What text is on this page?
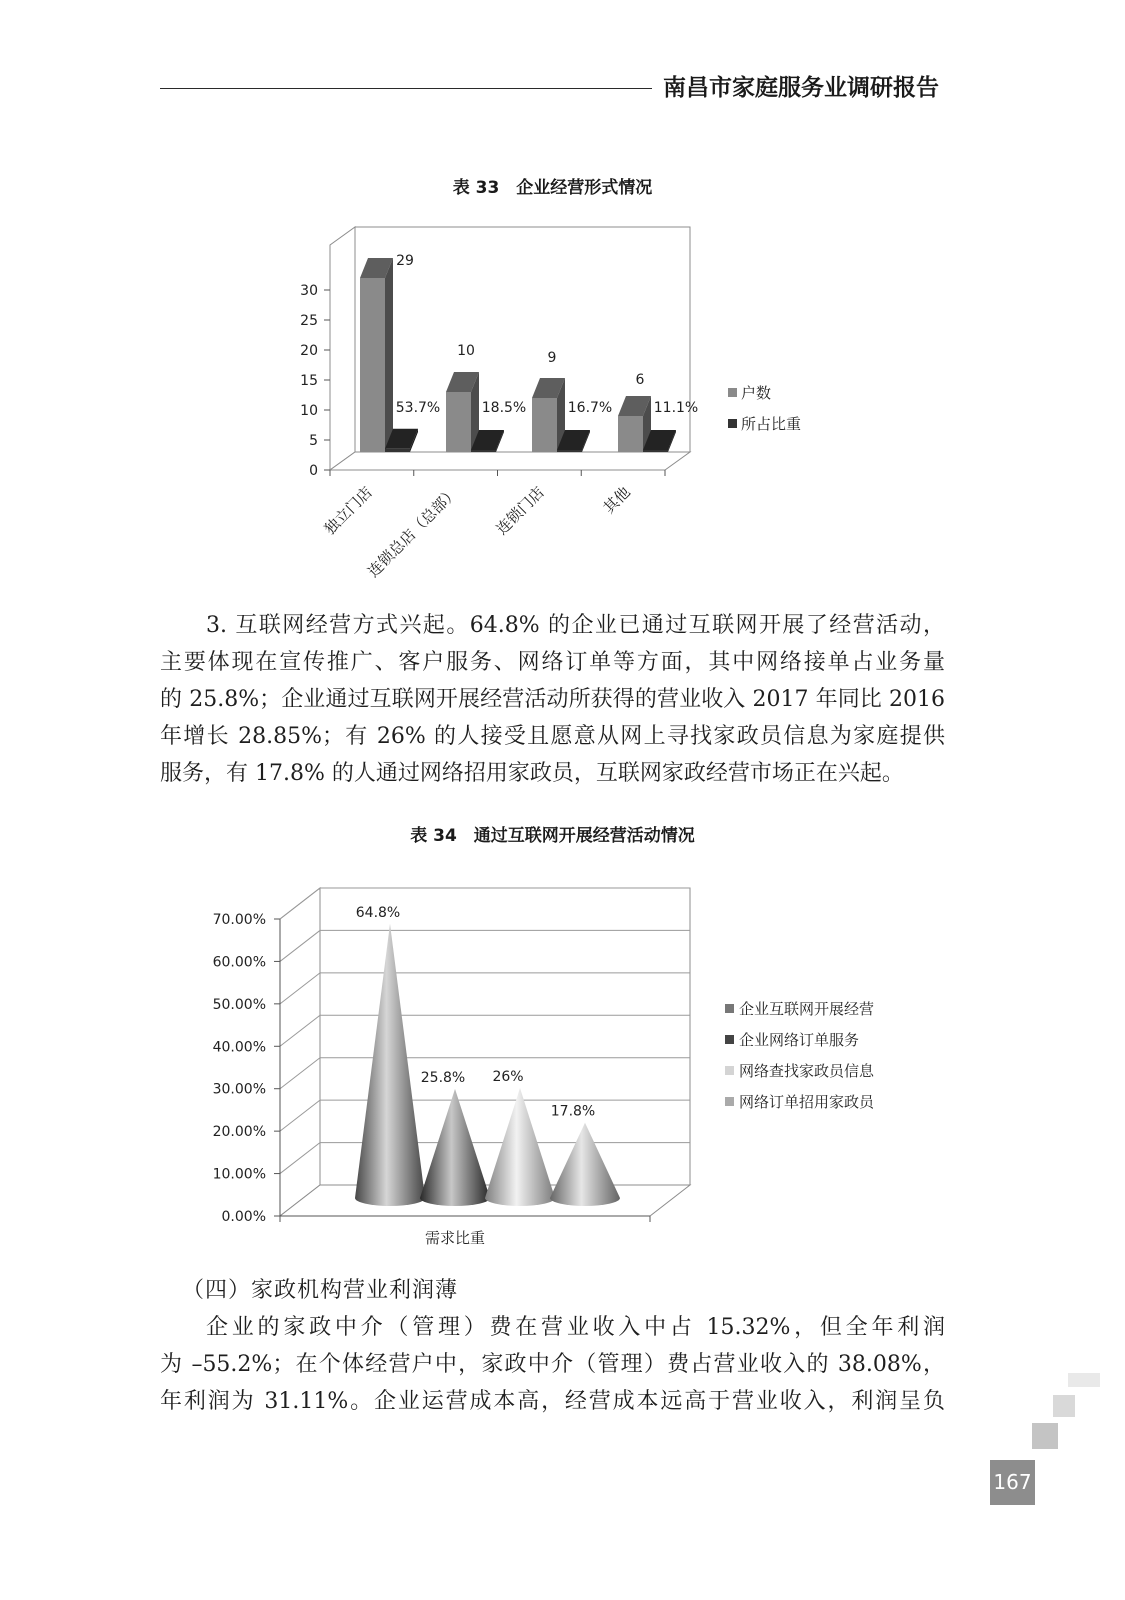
南昌市家庭服务业调研报告
表 33　企业经营形式情况
0
5
10
15
20
25
30
29
53.7%
独立门店
10
18.5%
连锁总店（总部）
9
16.7%
连锁门店
6
11.1%
其他
户数
所占比重
3. 互联网经营方式兴起。64.8% 的企业已通过互联网开展了经营活动，
主要体现在宣传推广、客户服务、网络订单等方面，其中网络接单占业务量
的 25.8%；企业通过互联网开展经营活动所获得的营业收入 2017 年同比 2016
年增长 28.85%；有 26% 的人接受且愿意从网上寻找家政员信息为家庭提供
服务，有 17.8% 的人通过网络招用家政员，互联网家政经营市场正在兴起。
表 34　通过互联网开展经营活动情况
0.00%
10.00%
20.00%
30.00%
40.00%
50.00%
60.00%
70.00%	64.8%
企业互联网开展经营
25.8%
企业网络订单服务
26%	网络查找家政员信息
17.8%
网络订单招用家政员
需求比重
（四）家政机构营业利润薄
企业的家政中介（管理）费在营业收入中占 15.32%，但全年利润
为 –55.2%；在个体经营户中，家政中介（管理）费占营业收入的 38.08%，
年利润为 31.11%。企业运营成本高，经营成本远高于营业收入，利润呈负
167
